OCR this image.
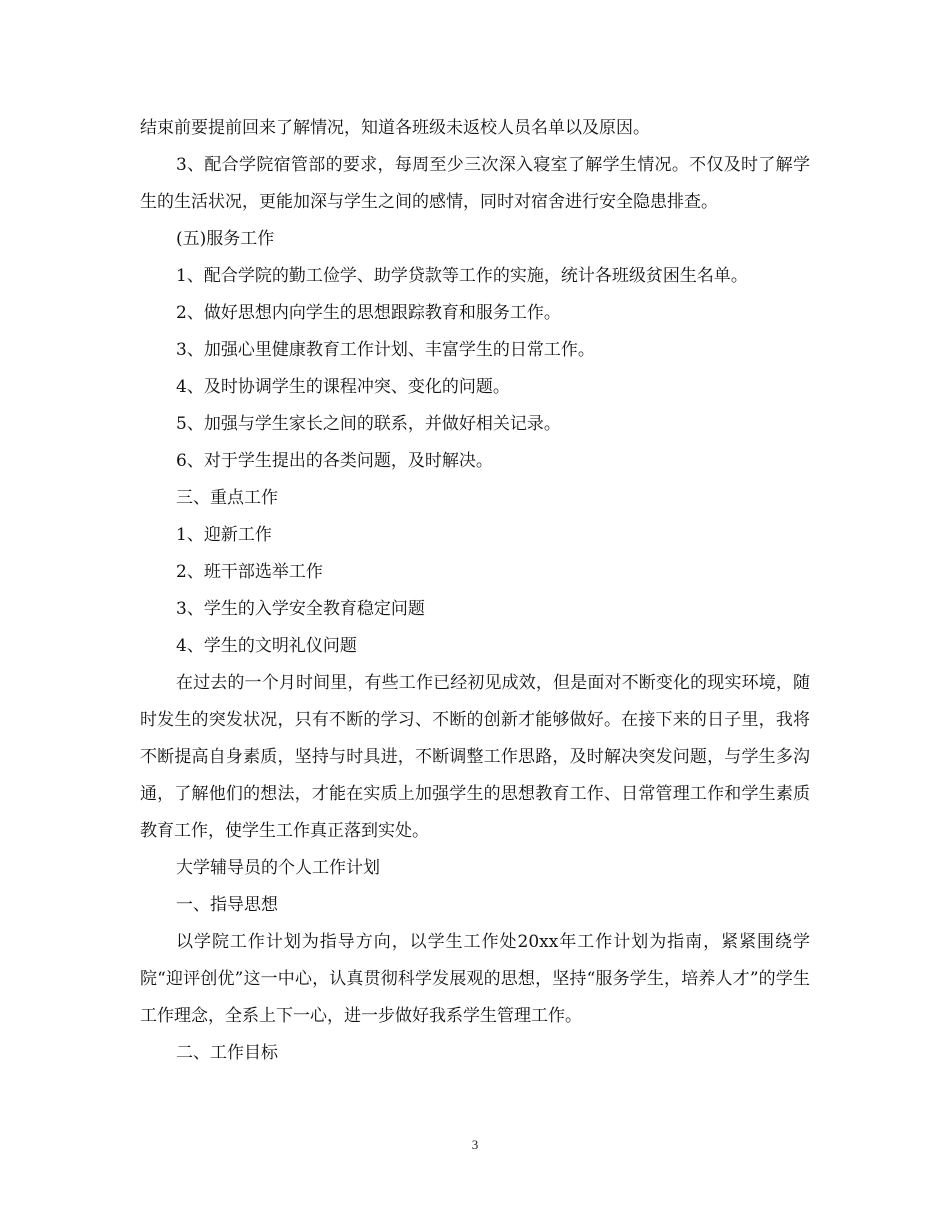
结束前要提前回来了解情况，知道各班级未返校人员名单以及原因。

3、配合学院宿管部的要求，每周至少三次深入寝室了解学生情况。不仅及时了解学生的生活状况，更能加深与学生之间的感情，同时对宿舍进行安全隐患排查。

(五)服务工作

1、配合学院的勤工俭学、助学贷款等工作的实施，统计各班级贫困生名单。

2、做好思想内向学生的思想跟踪教育和服务工作。

3、加强心里健康教育工作计划、丰富学生的日常工作。

4、及时协调学生的课程冲突、变化的问题。

5、加强与学生家长之间的联系，并做好相关记录。

6、对于学生提出的各类问题，及时解决。

三、重点工作

1、迎新工作

2、班干部选举工作

3、学生的入学安全教育稳定问题

4、学生的文明礼仪问题

在过去的一个月时间里，有些工作已经初见成效，但是面对不断变化的现实环境，随时发生的突发状况，只有不断的学习、不断的创新才能够做好。在接下来的日子里，我将不断提高自身素质，坚持与时具进，不断调整工作思路，及时解决突发问题，与学生多沟通，了解他们的想法，才能在实质上加强学生的思想教育工作、日常管理工作和学生素质教育工作，使学生工作真正落到实处。

大学辅导员的个人工作计划

一、指导思想

以学院工作计划为指导方向，以学生工作处20xx年工作计划为指南，紧紧围绕学院“迎评创优”这一中心，认真贯彻科学发展观的思想，坚持“服务学生，培养人才”的学生工作理念，全系上下一心，进一步做好我系学生管理工作。

二、工作目标

3
